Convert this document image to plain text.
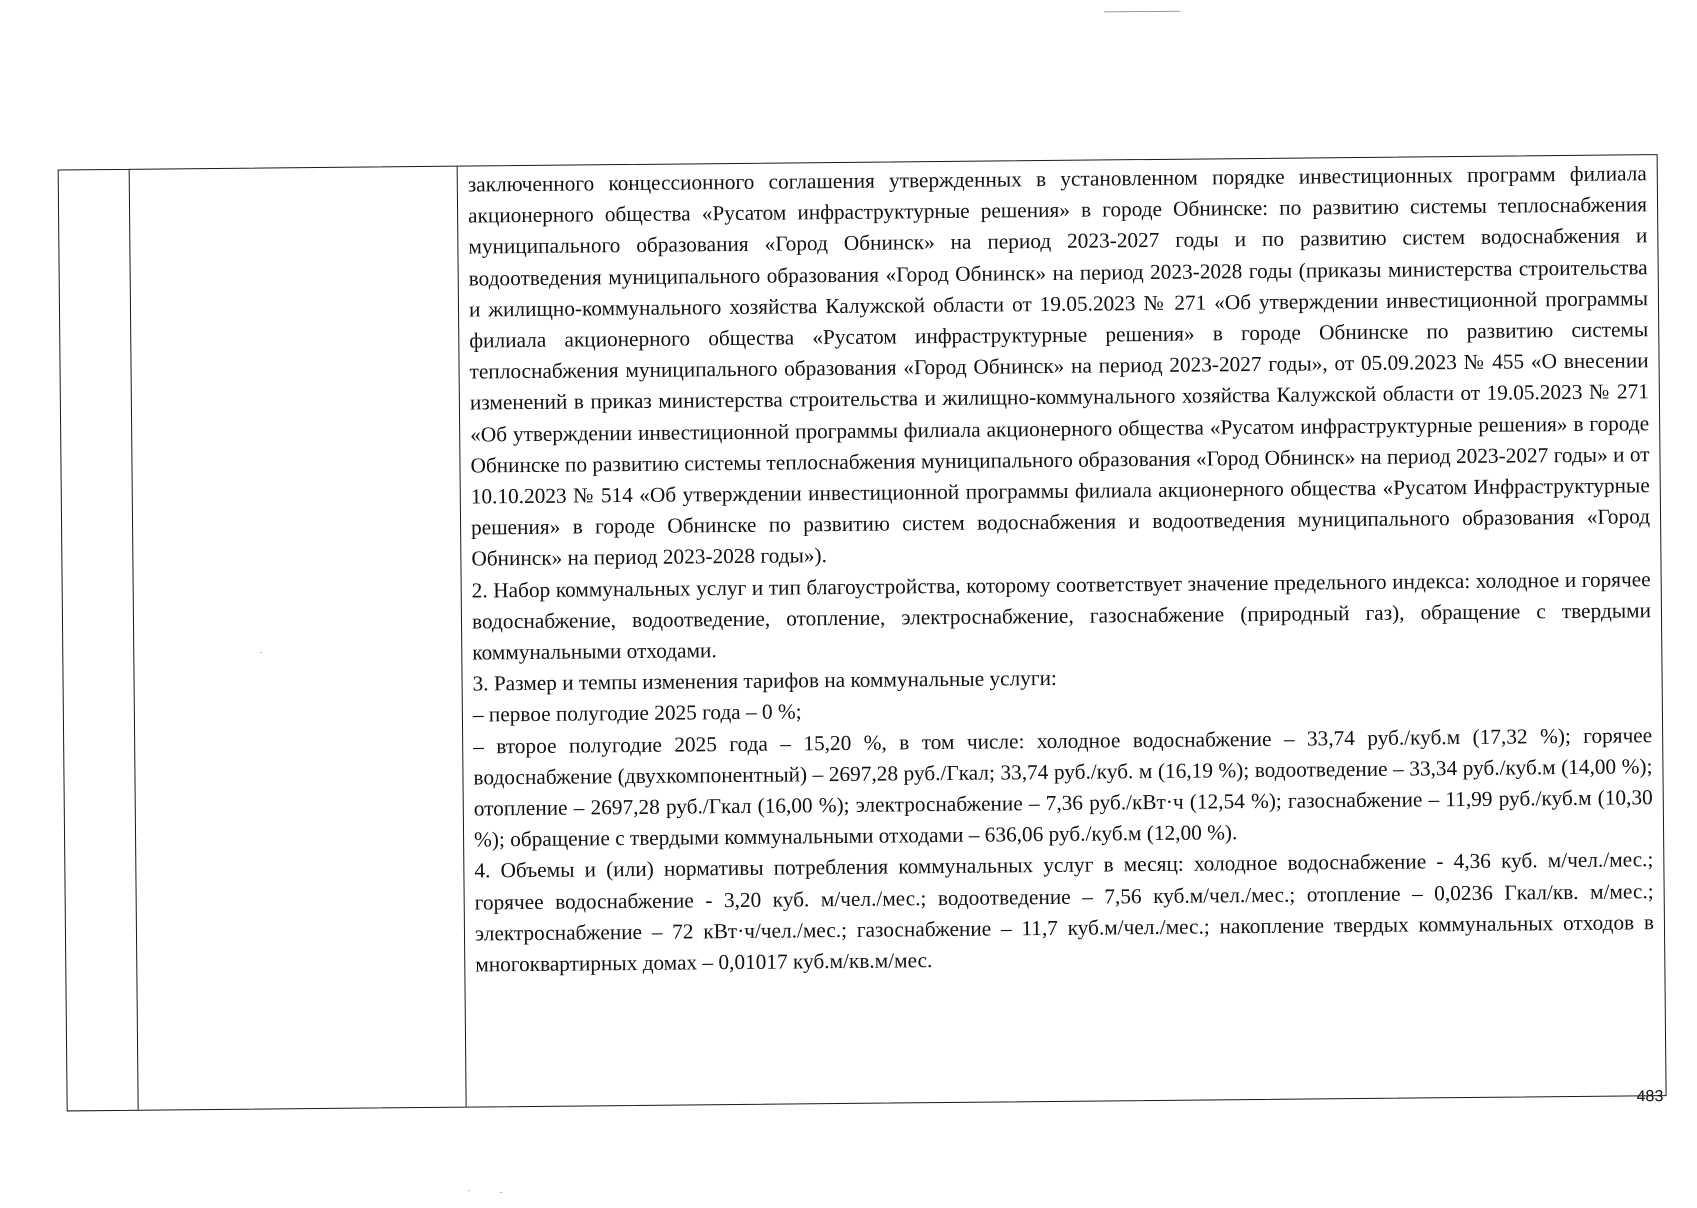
заключенного концессионного соглашения утвержденных в установленном порядке инвестиционных программ филиала акционерного общества «Русатом инфраструктурные решения» в городе Обнинске: по развитию системы теплоснабжения муниципального образования «Город Обнинск» на период 2023-2027 годы и по развитию систем водоснабжения и водоотведения муниципального образования «Город Обнинск» на период 2023-2028 годы (приказы министерства строительства и жилищно-коммунального хозяйства Калужской области от 19.05.2023 № 271 «Об утверждении инвестиционной программы филиала акционерного общества «Русатом инфраструктурные решения» в городе Обнинске по развитию системы теплоснабжения муниципального образования «Город Обнинск» на период 2023-2027 годы», от 05.09.2023 № 455 «О внесении изменений в приказ министерства строительства и жилищно-коммунального хозяйства Калужской области от 19.05.2023 № 271 «Об утверждении инвестиционной программы филиала акционерного общества «Русатом инфраструктурные решения» в городе Обнинске по развитию системы теплоснабжения муниципального образования «Город Обнинск» на период 2023-2027 годы» и от 10.10.2023 № 514 «Об утверждении инвестиционной программы филиала акционерного общества «Русатом Инфраструктурные решения» в городе Обнинске по развитию систем водоснабжения и водоотведения муниципального образования «Город Обнинск» на период 2023-2028 годы»).

2. Набор коммунальных услуг и тип благоустройства, которому соответствует значение предельного индекса: холодное и горячее водоснабжение, водоотведение, отопление, электроснабжение, газоснабжение (природный газ), обращение с твердыми коммунальными отходами.

3. Размер и темпы изменения тарифов на коммунальные услуги:

– первое полугодие 2025 года – 0 %;

– второе полугодие 2025 года – 15,20 %, в том числе: холодное водоснабжение – 33,74 руб./куб.м (17,32 %); горячее водоснабжение (двухкомпонентный) – 2697,28 руб./Гкал; 33,74 руб./куб. м (16,19 %); водоотведение – 33,34 руб./куб.м (14,00 %); отопление – 2697,28 руб./Гкал (16,00 %); электроснабжение – 7,36 руб./кВт·ч (12,54 %); газоснабжение – 11,99 руб./куб.м (10,30 %); обращение с твердыми коммунальными отходами – 636,06 руб./куб.м (12,00 %).

4. Объемы и (или) нормативы потребления коммунальных услуг в месяц: холодное водоснабжение - 4,36 куб. м/чел./мес.; горячее водоснабжение - 3,20 куб. м/чел./мес.; водоотведение – 7,56 куб.м/чел./мес.; отопление – 0,0236 Гкал/кв. м/мес.; электроснабжение – 72 кВт·ч/чел./мес.; газоснабжение – 11,7 куб.м/чел./мес.; накопление твердых коммунальных отходов в многоквартирных домах – 0,01017 куб.м/кв.м/мес.

483
